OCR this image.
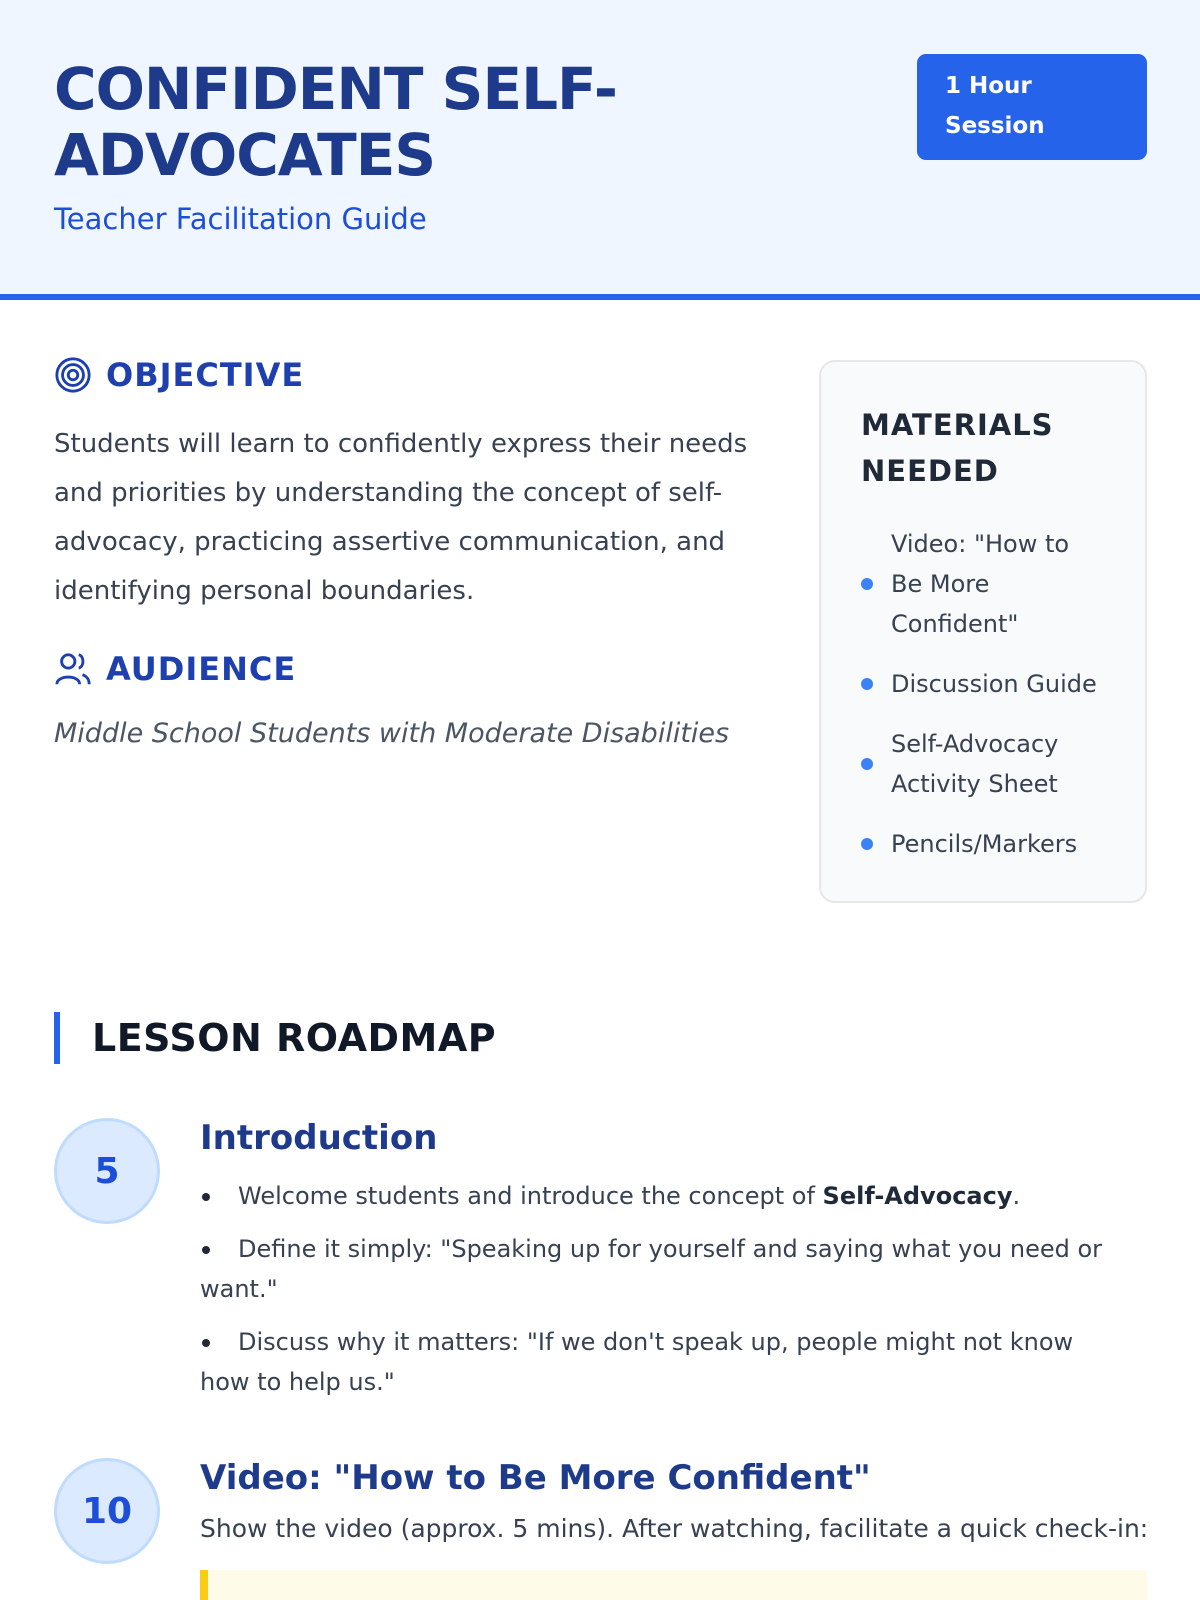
CONFIDENT SELF-ADVOCATES
Teacher Facilitation Guide
1 Hour Session
OBJECTIVE
Students will learn to confidently express their needs and priorities by understanding the concept of self-advocacy, practicing assertive communication, and identifying personal boundaries.
AUDIENCE
Middle School Students with Moderate Disabilities
MATERIALS NEEDED
Video: "How to Be More Confident"
Discussion Guide
Self-Advocacy Activity Sheet
Pencils/Markers
LESSON ROADMAP
5
Introduction
Welcome students and introduce the concept of Self-Advocacy.
Define it simply: "Speaking up for yourself and saying what you need or want."
Discuss why it matters: "If we don't speak up, people might not know how to help us."
10
Video: "How to Be More Confident"
Show the video (approx. 5 mins). After watching, facilitate a quick check-in:
